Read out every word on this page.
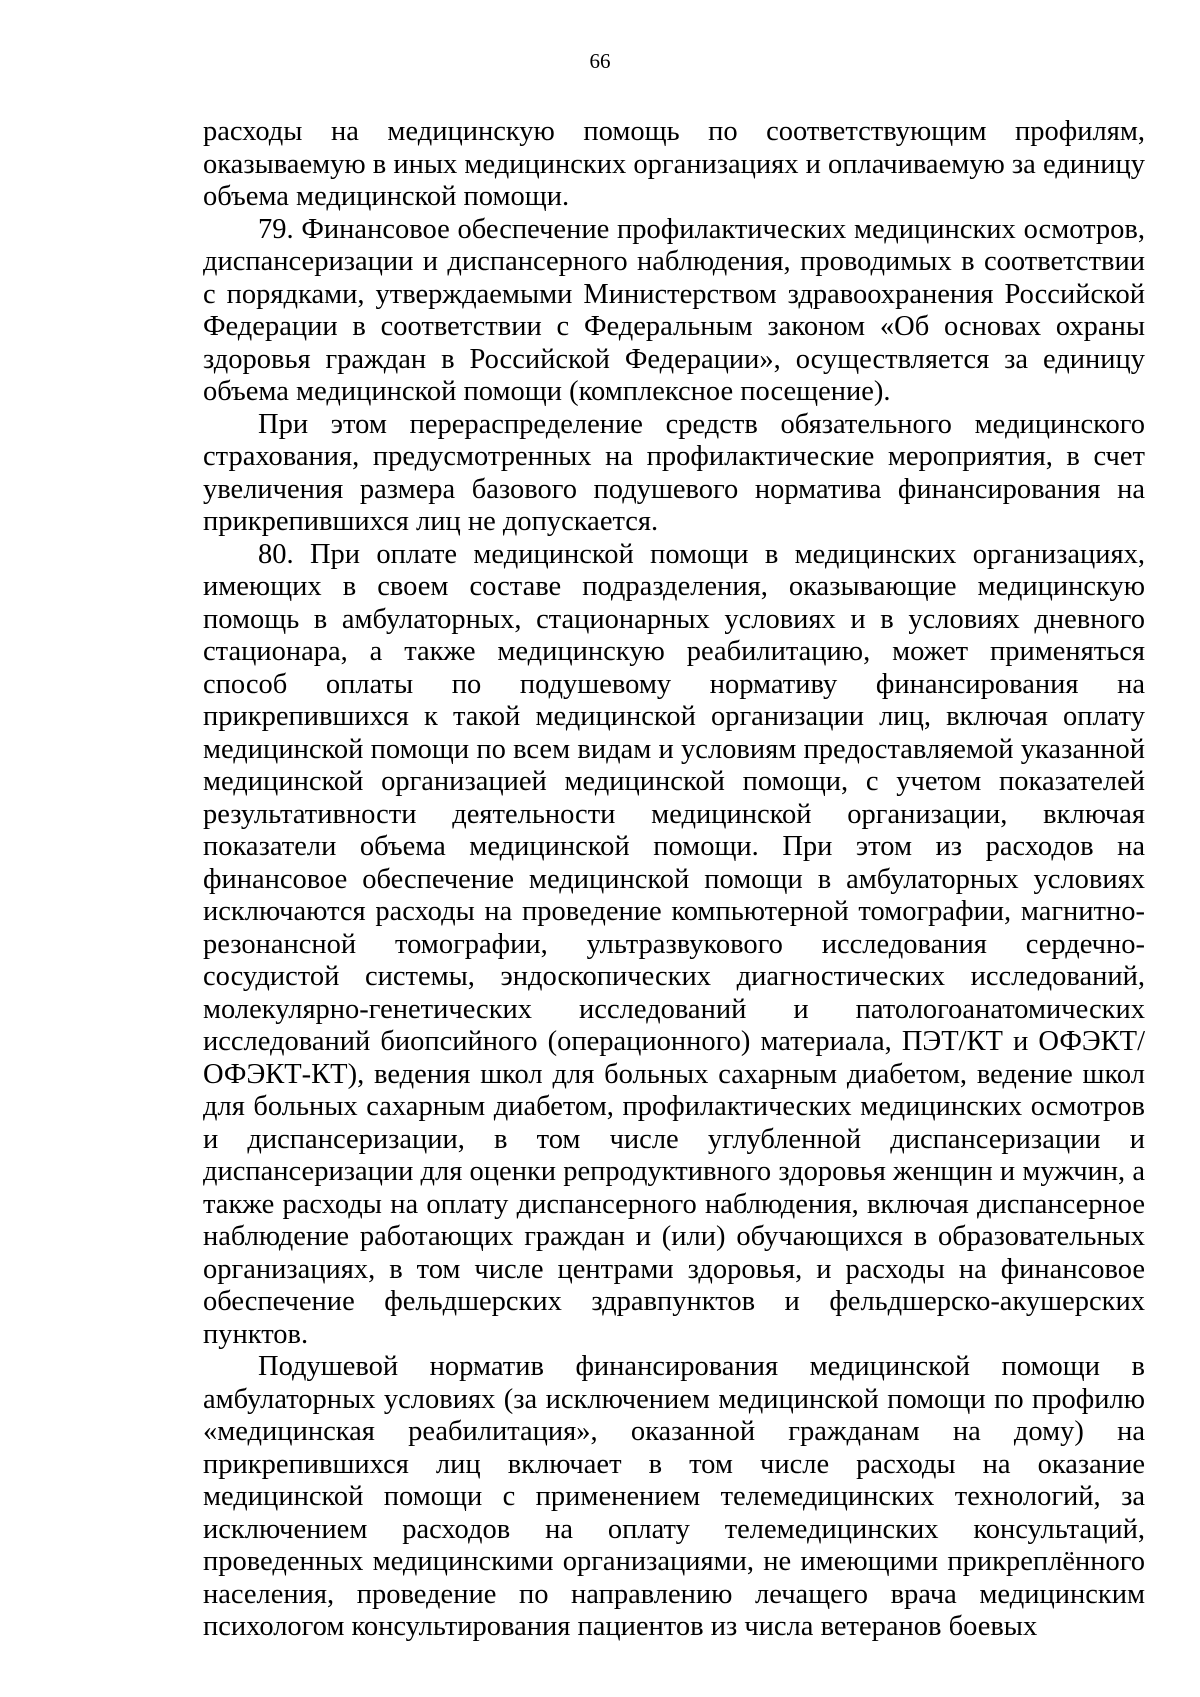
66

расходы на медицинскую помощь по соответствующим профилям, оказываемую в иных медицинских организациях и оплачиваемую за единицу объема медицинской помощи.

79. Финансовое обеспечение профилактических медицинских осмотров, диспансеризации и диспансерного наблюдения, проводимых в соответствии с порядками, утверждаемыми Министерством здравоохранения Российской Федерации в соответствии с Федеральным законом «Об основах охраны здоровья граждан в Российской Федерации», осуществляется за единицу объема медицинской помощи (комплексное посещение).

При этом перераспределение средств обязательного медицинского страхования, предусмотренных на профилактические мероприятия, в счет увеличения размера базового подушевого норматива финансирования на прикрепившихся лиц не допускается.

80. При оплате медицинской помощи в медицинских организациях, имеющих в своем составе подразделения, оказывающие медицинскую помощь в амбулаторных, стационарных условиях и в условиях дневного стационара, а также медицинскую реабилитацию, может применяться способ оплаты по подушевому нормативу финансирования на прикрепившихся к такой медицинской организации лиц, включая оплату медицинской помощи по всем видам и условиям предоставляемой указанной медицинской организацией медицинской помощи, с учетом показателей результативности деятельности медицинской организации, включая показатели объема медицинской помощи. При этом из расходов на финансовое обеспечение медицинской помощи в амбулаторных условиях исключаются расходы на проведение компьютерной томографии, магнитно-резонансной томографии, ультразвукового исследования сердечно-сосудистой системы, эндоскопических диагностических исследований, молекулярно-генетических исследований и патологоанатомических исследований биопсийного (операционного) материала, ПЭТ/КТ и ОФЭКТ/ОФЭКТ-КТ), ведения школ для больных сахарным диабетом, ведение школ для больных сахарным диабетом, профилактических медицинских осмотров и диспансеризации, в том числе углубленной диспансеризации и диспансеризации для оценки репродуктивного здоровья женщин и мужчин, а также расходы на оплату диспансерного наблюдения, включая диспансерное наблюдение работающих граждан и (или) обучающихся в образовательных организациях, в том числе центрами здоровья, и расходы на финансовое обеспечение фельдшерских здравпунктов и фельдшерско-акушерских пунктов.

Подушевой норматив финансирования медицинской помощи в амбулаторных условиях (за исключением медицинской помощи по профилю «медицинская реабилитация», оказанной гражданам на дому) на прикрепившихся лиц включает в том числе расходы на оказание медицинской помощи с применением телемедицинских технологий, за исключением расходов на оплату телемедицинских консультаций, проведенных медицинскими организациями, не имеющими прикреплённого населения, проведение по направлению лечащего врача медицинским психологом консультирования пациентов из числа ветеранов боевых
